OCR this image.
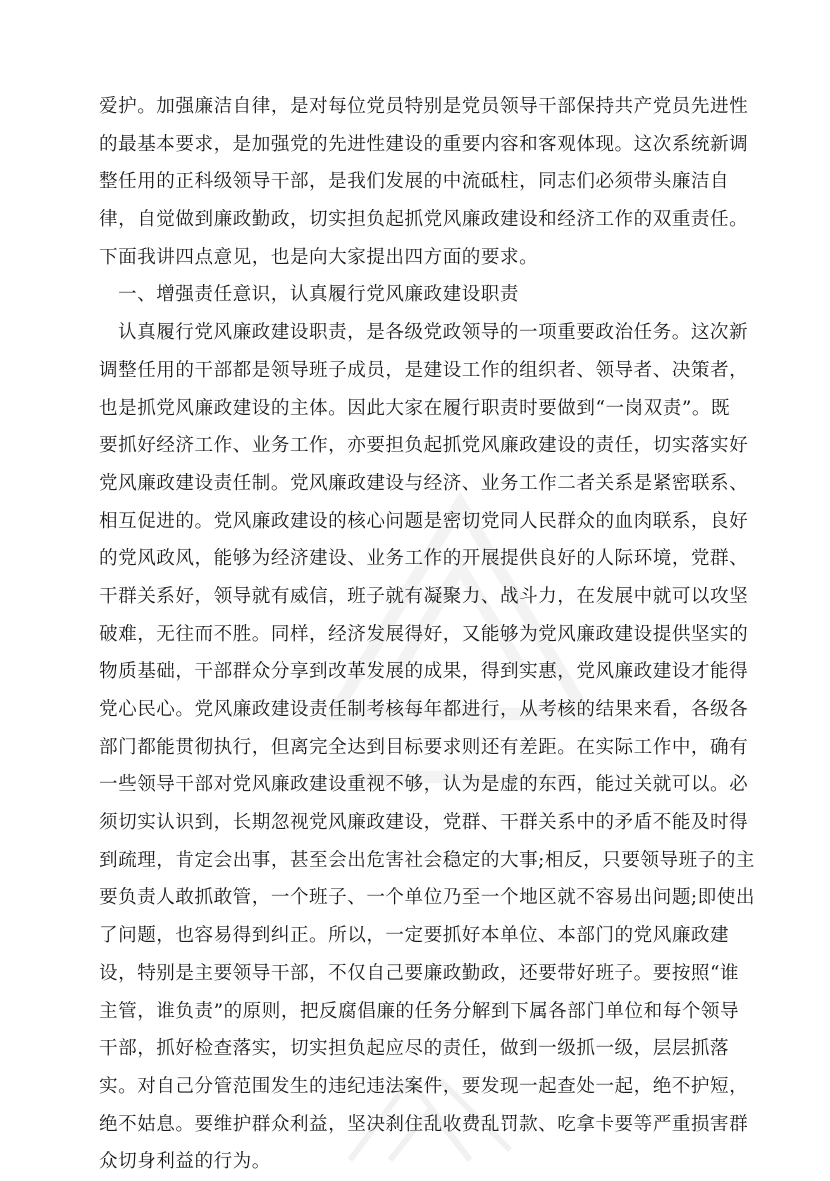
爱护。加强廉洁自律，是对每位党员特别是党员领导干部保持共产党员先进性
的最基本要求，是加强党的先进性建设的重要内容和客观体现。这次系统新调
整任用的正科级领导干部，是我们发展的中流砥柱，同志们必须带头廉洁自
律，自觉做到廉政勤政，切实担负起抓党风廉政建设和经济工作的双重责任。
下面我讲四点意见，也是向大家提出四方面的要求。
一、增强责任意识，认真履行党风廉政建设职责
认真履行党风廉政建设职责，是各级党政领导的一项重要政治任务。这次新
调整任用的干部都是领导班子成员，是建设工作的组织者、领导者、决策者，
也是抓党风廉政建设的主体。因此大家在履行职责时要做到“一岗双责”。既
要抓好经济工作、业务工作，亦要担负起抓党风廉政建设的责任，切实落实好
党风廉政建设责任制。党风廉政建设与经济、业务工作二者关系是紧密联系、
相互促进的。党风廉政建设的核心问题是密切党同人民群众的血肉联系，良好
的党风政风，能够为经济建设、业务工作的开展提供良好的人际环境，党群、
干群关系好，领导就有威信，班子就有凝聚力、战斗力，在发展中就可以攻坚
破难，无往而不胜。同样，经济发展得好，又能够为党风廉政建设提供坚实的
物质基础，干部群众分享到改革发展的成果，得到实惠，党风廉政建设才能得
党心民心。党风廉政建设责任制考核每年都进行，从考核的结果来看，各级各
部门都能贯彻执行，但离完全达到目标要求则还有差距。在实际工作中，确有
一些领导干部对党风廉政建设重视不够，认为是虚的东西，能过关就可以。必
须切实认识到，长期忽视党风廉政建设，党群、干群关系中的矛盾不能及时得
到疏理，肯定会出事，甚至会出危害社会稳定的大事;相反，只要领导班子的主
要负责人敢抓敢管，一个班子、一个单位乃至一个地区就不容易出问题;即使出
了问题，也容易得到纠正。所以，一定要抓好本单位、本部门的党风廉政建
设，特别是主要领导干部，不仅自己要廉政勤政，还要带好班子。要按照“谁
主管，谁负责”的原则，把反腐倡廉的任务分解到下属各部门单位和每个领导
干部，抓好检查落实，切实担负起应尽的责任，做到一级抓一级，层层抓落
实。对自己分管范围发生的违纪违法案件，要发现一起查处一起，绝不护短，
绝不姑息。要维护群众利益，坚决刹住乱收费乱罚款、吃拿卡要等严重损害群
众切身利益的行为。
